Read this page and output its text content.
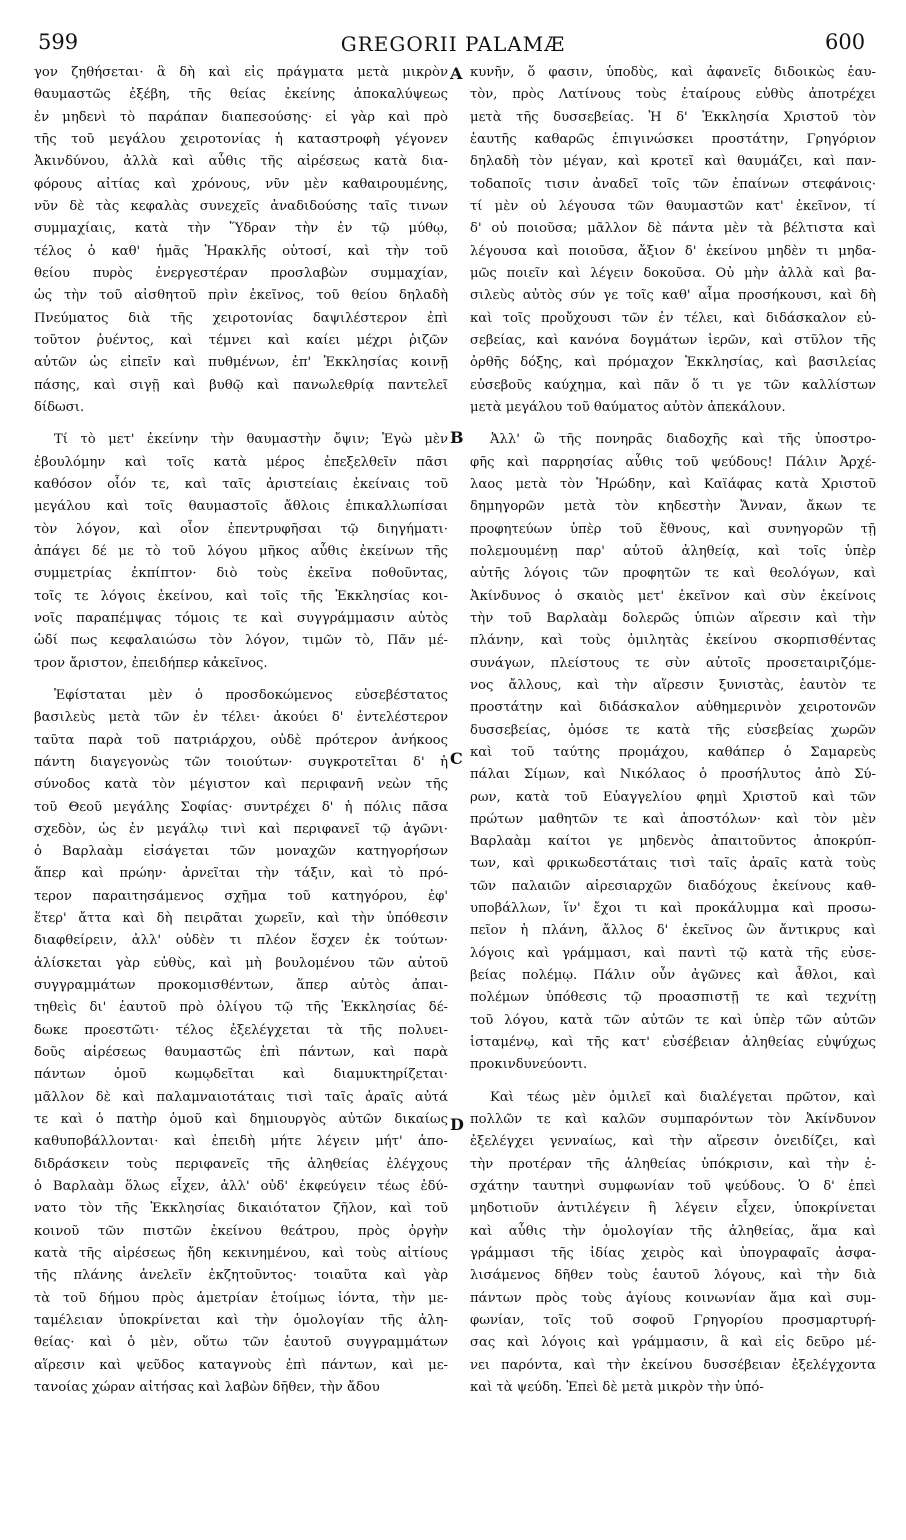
599	GREGORII PALAMÆ	600
A
B
C
D
γον ζηθήσεται· ἃ δὴ καὶ εἰς πράγματα μετὰ μικρὸν
θαυμαστῶς ἐξέβη, τῆς θείας ἐκείνης ἀποκαλύψεως
ἐν μηδενὶ τὸ παράπαν διαπεσούσης· εἰ γὰρ καὶ πρὸ
τῆς τοῦ μεγάλου χειροτονίας ἡ καταστροφὴ γέγονεν
Ἀκινδύνου, ἀλλὰ καὶ αὖθις τῆς αἱρέσεως κατὰ δια-
φόρους αἰτίας καὶ χρόνους, νῦν μὲν καθαιρουμένης,
νῦν δὲ τὰς κεφαλὰς συνεχεῖς ἀναδιδούσης ταῖς τινων
συμμαχίαις, κατὰ τὴν Ὕδραν τὴν ἐν τῷ μύθῳ,
τέλος ὁ καθ' ἡμᾶς Ἡρακλῆς οὑτοσί, καὶ τὴν τοῦ
θείου πυρὸς ἐνεργεστέραν προσλαβὼν συμμαχίαν,
ὡς τὴν τοῦ αἰσθητοῦ πρὶν ἐκεῖνος, τοῦ θείου δηλαδὴ
Πνεύματος διὰ τῆς χειροτονίας δαψιλέστερον ἐπὶ
τοῦτον ῥυέντος, καὶ τέμνει καὶ καίει μέχρι ῥιζῶν
αὐτῶν ὡς εἰπεῖν καὶ πυθμένων, ἐπ' Ἐκκλησίας κοινῇ
πάσης, καὶ σιγῇ καὶ βυθῷ καὶ πανωλεθρίᾳ παντελεῖ
δίδωσι.
Τί τὸ μετ' ἐκείνην τὴν θαυμαστὴν ὄψιν; Ἐγὼ μὲν
ἐβουλόμην καὶ τοῖς κατὰ μέρος ἐπεξελθεῖν πᾶσι
καθόσον οἷόν τε, καὶ ταῖς ἀριστείαις ἐκείναις τοῦ
μεγάλου καὶ τοῖς θαυμαστοῖς ἄθλοις ἐπικαλλωπίσαι
τὸν λόγον, καὶ οἷον ἐπεντρυφῆσαι τῷ διηγήματι·
ἀπάγει δέ με τὸ τοῦ λόγου μῆκος αὖθις ἐκείνων τῆς
συμμετρίας ἐκπίπτον· διὸ τοὺς ἐκεῖνα ποθοῦντας,
τοῖς τε λόγοις ἐκείνου, καὶ τοῖς τῆς Ἐκκλησίας κοι-
νοῖς παραπέμψας τόμοις τε καὶ συγγράμμασιν αὐτὸς
ὡδί πως κεφαλαιώσω τὸν λόγον, τιμῶν τὸ, Πᾶν μέ-
τρον ἄριστον, ἐπειδήπερ κἀκεῖνος.
Ἐφίσταται μὲν ὁ προσδοκώμενος εὐσεβέστατος
βασιλεὺς μετὰ τῶν ἐν τέλει· ἀκούει δ' ἐντελέστερον
ταῦτα παρὰ τοῦ πατριάρχου, οὐδὲ πρότερον ἀνήκοος
πάντη διαγεγονὼς τῶν τοιούτων· συγκροτεῖται δ' ἡ
σύνοδος κατὰ τὸν μέγιστον καὶ περιφανῆ νεὼν τῆς
τοῦ Θεοῦ μεγάλης Σοφίας· συντρέχει δ' ἡ πόλις πᾶσα
σχεδὸν, ὡς ἐν μεγάλῳ τινὶ καὶ περιφανεῖ τῷ ἀγῶνι·
ὁ Βαρλαὰμ εἰσάγεται τῶν μοναχῶν κατηγορήσων
ἅπερ καὶ πρώην· ἀρνεῖται τὴν τάξιν, καὶ τὸ πρό-
τερον παραιτησάμενος σχῆμα τοῦ κατηγόρου, ἐφ'
ἕτερ' ἄττα καὶ δὴ πειρᾶται χωρεῖν, καὶ τὴν ὑπόθεσιν
διαφθείρειν, ἀλλ' οὐδὲν τι πλέον ἔσχεν ἐκ τούτων·
ἁλίσκεται γὰρ εὐθὺς, καὶ μὴ βουλομένου τῶν αὐτοῦ
συγγραμμάτων προκομισθέντων, ἅπερ αὐτὸς ἀπαι-
τηθεὶς δι' ἑαυτοῦ πρὸ ὀλίγου τῷ τῆς Ἐκκλησίας δέ-
δωκε προεστῶτι· τέλος ἐξελέγχεται τὰ τῆς πολυει-
δοῦς αἱρέσεως θαυμαστῶς ἐπὶ πάντων, καὶ παρὰ
πάντων ὁμοῦ κωμῳδεῖται καὶ διαμυκτηρίζεται·
μᾶλλον δὲ καὶ παλαμναιοτάταις τισὶ ταῖς ἀραῖς αὐτά
τε καὶ ὁ πατὴρ ὁμοῦ καὶ δημιουργὸς αὐτῶν δικαίως
καθυποβάλλονται· καὶ ἐπειδὴ μήτε λέγειν μήτ' ἀπο-
διδράσκειν τοὺς περιφανεῖς τῆς ἀληθείας ἐλέγχους
ὁ Βαρλαὰμ ὅλως εἶχεν, ἀλλ' οὐδ' ἐκφεύγειν τέως ἐδύ-
νατο τὸν τῆς Ἐκκλησίας δικαιότατον ζῆλον, καὶ τοῦ
κοινοῦ τῶν πιστῶν ἐκείνου θεάτρου, πρὸς ὀργὴν
κατὰ τῆς αἱρέσεως ἤδη κεκινημένου, καὶ τοὺς αἰτίους
τῆς πλάνης ἀνελεῖν ἐκζητοῦντος· τοιαῦτα καὶ γὰρ
τὰ τοῦ δήμου πρὸς ἀμετρίαν ἑτοίμως ἰόντα, τὴν με-
ταμέλειαν ὑποκρίνεται καὶ τὴν ὁμολογίαν τῆς ἀλη-
θείας· καὶ ὁ μὲν, οὕτω τῶν ἑαυτοῦ συγγραμμάτων
αἵρεσιν καὶ ψεῦδος καταγνοὺς ἐπὶ πάντων, καὶ με-
τανοίας χώραν αἰτήσας καὶ λαβὼν δῆθεν, τὴν ἄδου
κυνῆν, ὅ φασιν, ὑποδὺς, καὶ ἀφανεῖς διδοικὼς ἑαυ-
τὸν, πρὸς Λατίνους τοὺς ἑταίρους εὐθὺς ἀποτρέχει
μετὰ τῆς δυσσεβείας. Ἡ δ' Ἐκκλησία Χριστοῦ τὸν
ἑαυτῆς καθαρῶς ἐπιγινώσκει προστάτην, Γρηγόριον
δηλαδὴ τὸν μέγαν, καὶ κροτεῖ καὶ θαυμάζει, καὶ παν-
τοδαποῖς τισιν ἀναδεῖ τοῖς τῶν ἐπαίνων στεφάνοις·
τί μὲν οὐ λέγουσα τῶν θαυμαστῶν κατ' ἐκεῖνον, τί
δ' οὐ ποιοῦσα; μᾶλλον δὲ πάντα μὲν τὰ βέλτιστα καὶ
λέγουσα καὶ ποιοῦσα, ἄξιον δ' ἐκείνου μηδὲν τι μηδα-
μῶς ποιεῖν καὶ λέγειν δοκοῦσα. Οὐ μὴν ἀλλὰ καὶ βα-
σιλεὺς αὐτὸς σύν γε τοῖς καθ' αἷμα προσήκουσι, καὶ δὴ
καὶ τοῖς προὔχουσι τῶν ἐν τέλει, καὶ διδάσκαλον εὐ-
σεβείας, καὶ κανόνα δογμάτων ἱερῶν, καὶ στῦλον τῆς
ὀρθῆς δόξης, καὶ πρόμαχον Ἐκκλησίας, καὶ βασιλείας
εὐσεβοῦς καύχημα, καὶ πᾶν ὅ τι γε τῶν καλλίστων
μετὰ μεγάλου τοῦ θαύματος αὐτὸν ἀπεκάλουν.
Ἀλλ' ὢ τῆς πονηρᾶς διαδοχῆς καὶ τῆς ὑποστρο-
φῆς καὶ παρρησίας αὖθις τοῦ ψεύδους! Πάλιν Ἀρχέ-
λαος μετὰ τὸν Ἡρώδην, καὶ Καϊάφας κατὰ Χριστοῦ
δημηγορῶν μετὰ τὸν κηδεστὴν Ἄνναν, ἄκων τε
προφητεύων ὑπὲρ τοῦ ἔθνους, καὶ συνηγορῶν τῇ
πολεμουμένῃ παρ' αὐτοῦ ἀληθείᾳ, καὶ τοῖς ὑπὲρ
αὐτῆς λόγοις τῶν προφητῶν τε καὶ θεολόγων, καὶ
Ἀκίνδυνος ὁ σκαιὸς μετ' ἐκεῖνον καὶ σὺν ἐκείνοις
τὴν τοῦ Βαρλαὰμ δολερῶς ὑπιὼν αἵρεσιν καὶ τὴν
πλάνην, καὶ τοὺς ὁμιλητὰς ἐκείνου σκορπισθέντας
συνάγων, πλείστους τε σὺν αὐτοῖς προσεταιριζόμε-
νος ἄλλους, καὶ τὴν αἵρεσιν ξυνιστὰς, ἑαυτὸν τε
προστάτην καὶ διδάσκαλον αὐθημερινὸν χειροτονῶν
δυσσεβείας, ὁμόσε τε κατὰ τῆς εὐσεβείας χωρῶν
καὶ τοῦ ταύτης προμάχου, καθάπερ ὁ Σαμαρεὺς
πάλαι Σίμων, καὶ Νικόλαος ὁ προσήλυτος ἀπὸ Σύ-
ρων, κατὰ τοῦ Εὐαγγελίου φημὶ Χριστοῦ καὶ τῶν
πρώτων μαθητῶν τε καὶ ἀποστόλων· καὶ τὸν μὲν
Βαρλαὰμ καίτοι γε μηδενὸς ἀπαιτοῦντος ἀποκρύπ-
των, καὶ φρικωδεστάταις τισὶ ταῖς ἀραῖς κατὰ τοὺς
τῶν παλαιῶν αἱρεσιαρχῶν διαδόχους ἐκείνους καθ-
υποβάλλων, ἵν' ἔχοι τι καὶ προκάλυμμα καὶ προσω-
πεῖον ἡ πλάνη, ἄλλος δ' ἐκεῖνος ὢν ἄντικρυς καὶ
λόγοις καὶ γράμμασι, καὶ παντὶ τῷ κατὰ τῆς εὐσε-
βείας πολέμῳ. Πάλιν οὖν ἀγῶνες καὶ ἆθλοι, καὶ
πολέμων ὑπόθεσις τῷ προασπιστῇ τε καὶ τεχνίτῃ
τοῦ λόγου, κατὰ τῶν αὐτῶν τε καὶ ὑπὲρ τῶν αὐτῶν
ἱσταμένῳ, καὶ τῆς κατ' εὐσέβειαν ἀληθείας εὐψύχως
προκινδυνεύοντι.
Καὶ τέως μὲν ὁμιλεῖ καὶ διαλέγεται πρῶτον, καὶ
πολλῶν τε καὶ καλῶν συμπαρόντων τὸν Ἀκίνδυνον
ἐξελέγχει γενναίως, καὶ τὴν αἵρεσιν ὀνειδίζει, καὶ
τὴν προτέραν τῆς ἀληθείας ὑπόκρισιν, καὶ τὴν ἐ-
σχάτην ταυτηνὶ συμφωνίαν τοῦ ψεύδους. Ὁ δ' ἐπεὶ
μηδοτιοῦν ἀντιλέγειν ἢ λέγειν εἶχεν, ὑποκρίνεται
καὶ αὖθις τὴν ὁμολογίαν τῆς ἀληθείας, ἅμα καὶ
γράμμασι τῆς ἰδίας χειρὸς καὶ ὑπογραφαῖς ἀσφα-
λισάμενος δῆθεν τοὺς ἑαυτοῦ λόγους, καὶ τὴν διὰ
πάντων πρὸς τοὺς ἁγίους κοινωνίαν ἅμα καὶ συμ-
φωνίαν, τοῖς τοῦ σοφοῦ Γρηγορίου προσμαρτυρή-
σας καὶ λόγοις καὶ γράμμασιν, ἃ καὶ εἰς δεῦρο μέ-
νει παρόντα, καὶ τὴν ἐκείνου δυσσέβειαν ἐξελέγχοντα
καὶ τὰ ψεύδη. Ἐπεὶ δὲ μετὰ μικρὸν τὴν ὑπό-
